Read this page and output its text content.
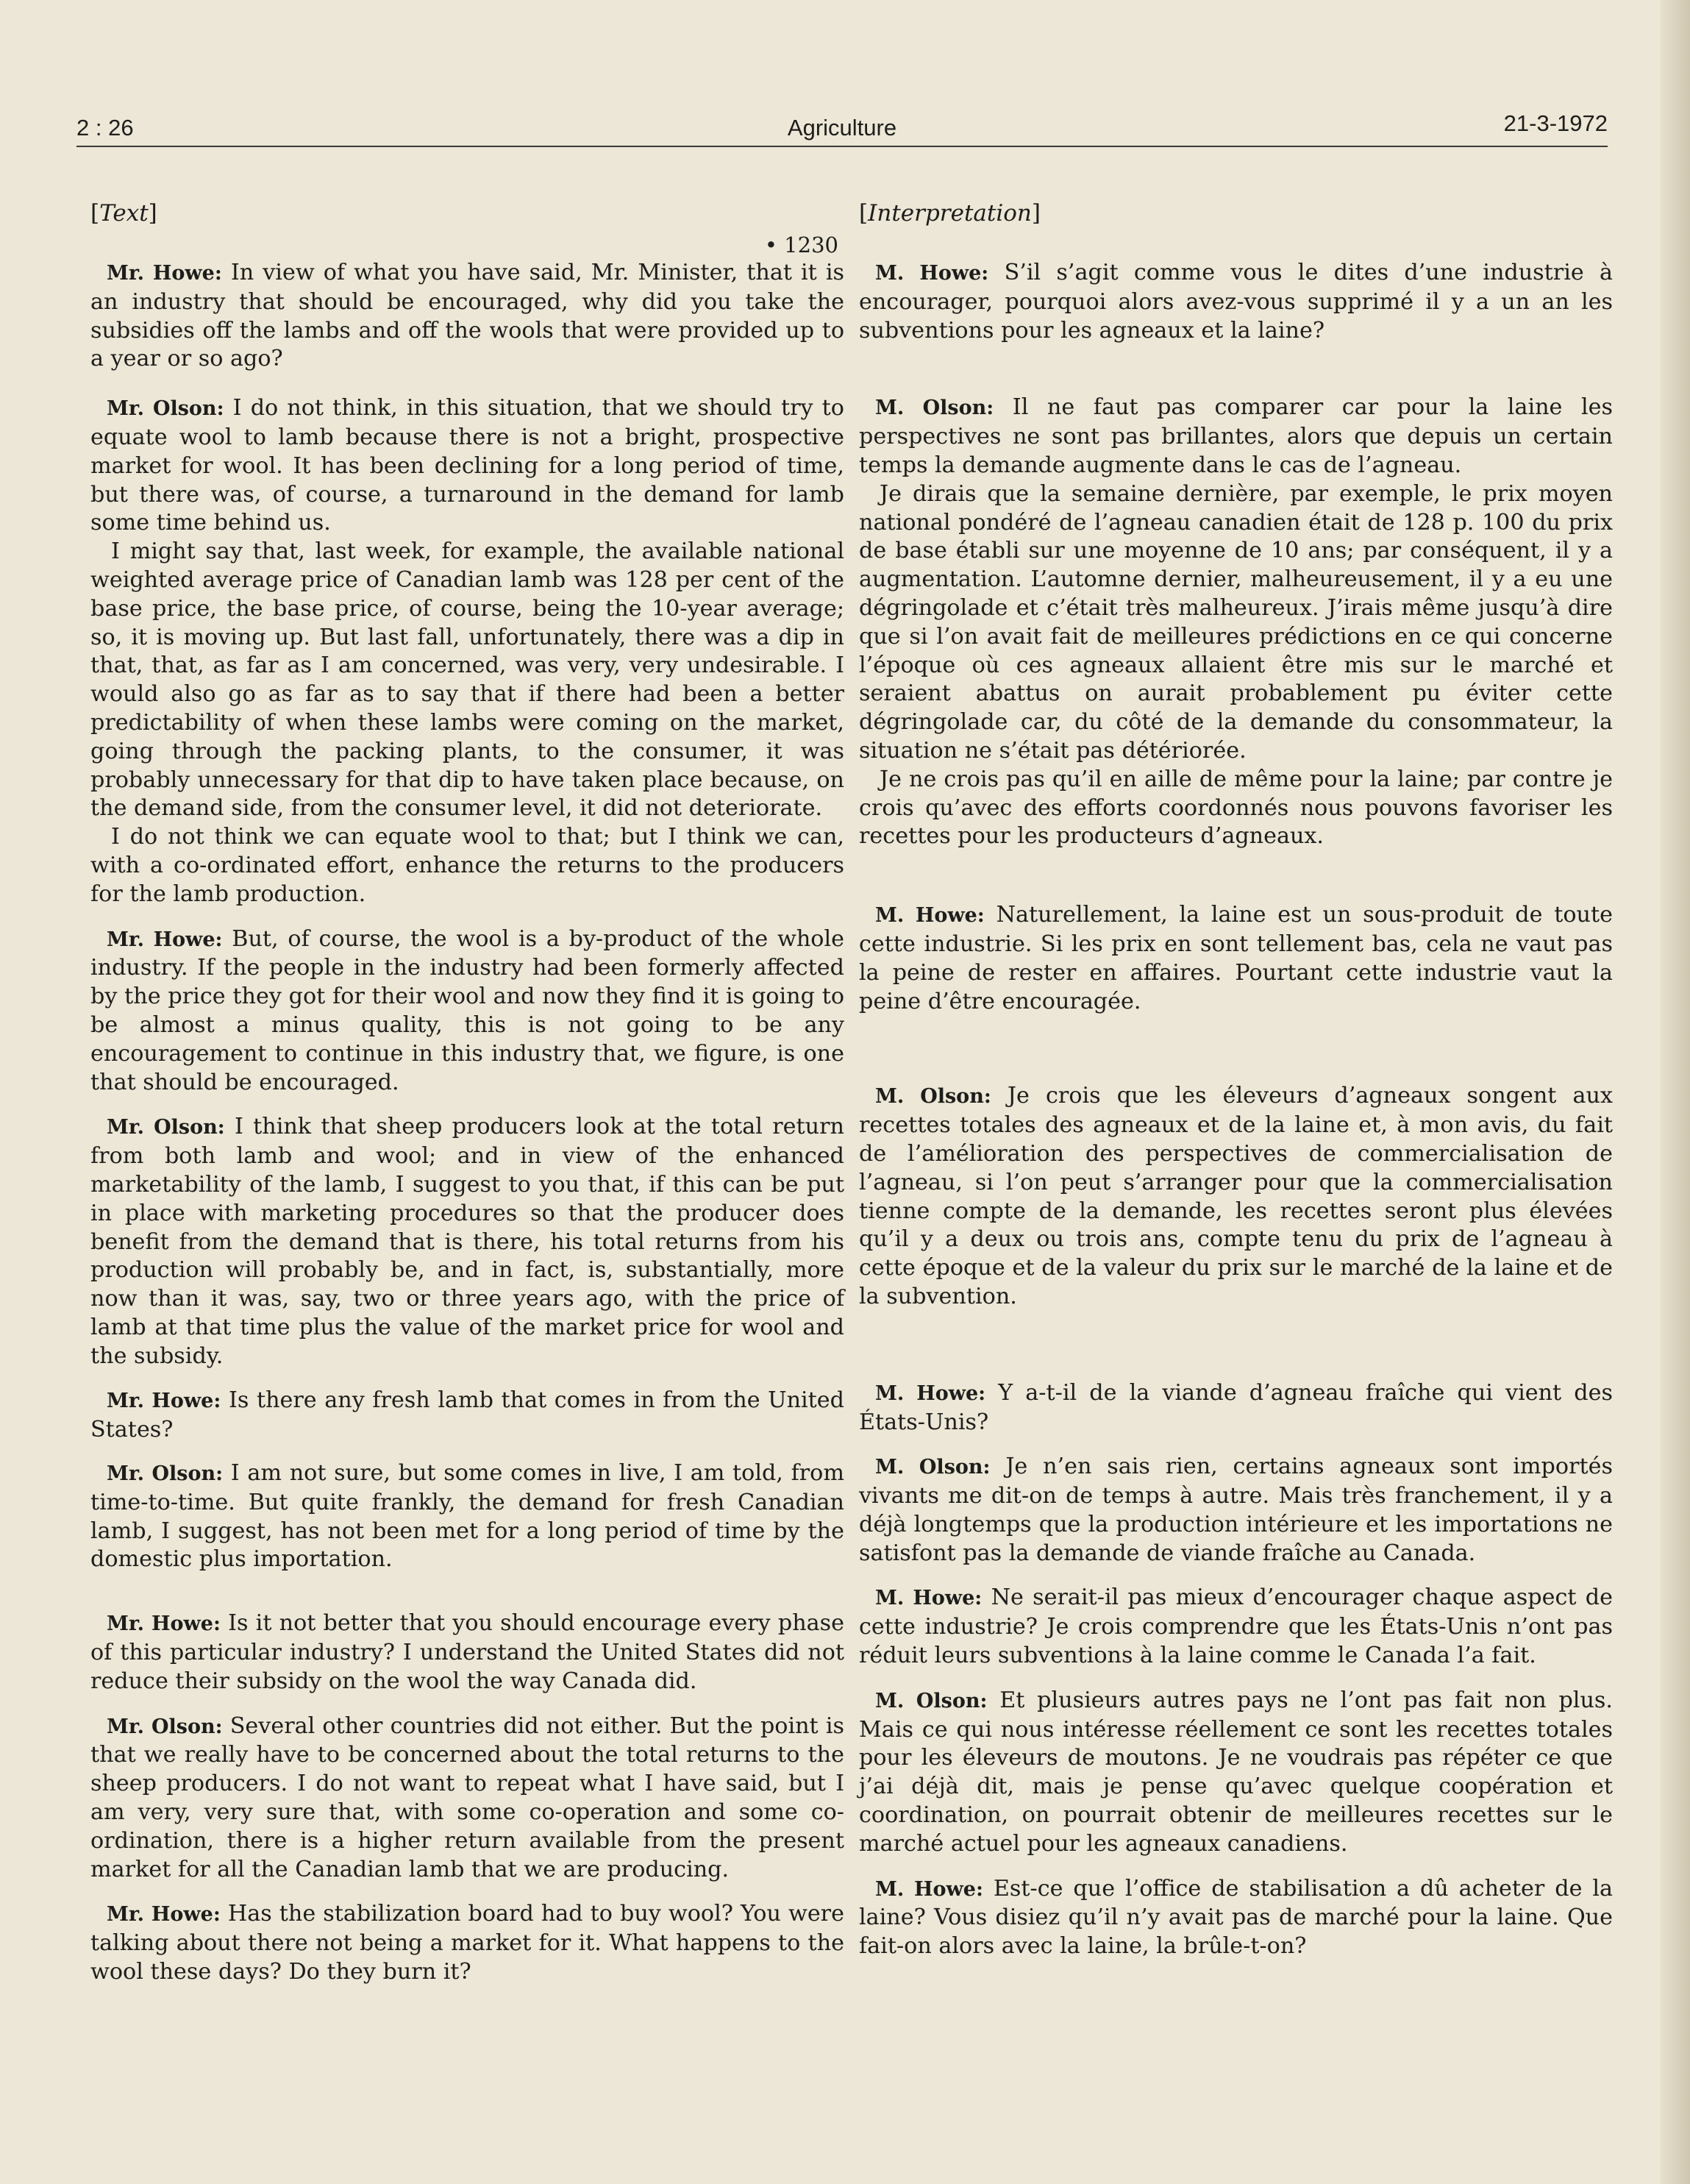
2 : 26	Agriculture	21-3-1972
[Text]
• 1230

Mr. Howe: In view of what you have said, Mr. Minister, that it is an industry that should be encouraged, why did you take the subsidies off the lambs and off the wools that were provided up to a year or so ago?

Mr. Olson: I do not think, in this situation, that we should try to equate wool to lamb because there is not a bright, prospective market for wool. It has been declining for a long period of time, but there was, of course, a turnaround in the demand for lamb some time behind us.

I might say that, last week, for example, the available national weighted average price of Canadian lamb was 128 per cent of the base price, the base price, of course, being the 10-year average; so, it is moving up. But last fall, unfortunately, there was a dip in that, that, as far as I am concerned, was very, very undesirable. I would also go as far as to say that if there had been a better predictability of when these lambs were coming on the market, going through the packing plants, to the consumer, it was probably unnecessary for that dip to have taken place because, on the demand side, from the consumer level, it did not deteriorate.

I do not think we can equate wool to that; but I think we can, with a co-ordinated effort, enhance the returns to the producers for the lamb production.

Mr. Howe: But, of course, the wool is a by-product of the whole industry. If the people in the industry had been formerly affected by the price they got for their wool and now they find it is going to be almost a minus quality, this is not going to be any encouragement to continue in this industry that, we figure, is one that should be encouraged.

Mr. Olson: I think that sheep producers look at the total return from both lamb and wool; and in view of the enhanced marketability of the lamb, I suggest to you that, if this can be put in place with marketing procedures so that the producer does benefit from the demand that is there, his total returns from his production will probably be, and in fact, is, substantially, more now than it was, say, two or three years ago, with the price of lamb at that time plus the value of the market price for wool and the subsidy.

Mr. Howe: Is there any fresh lamb that comes in from the United States?

Mr. Olson: I am not sure, but some comes in live, I am told, from time-to-time. But quite frankly, the demand for fresh Canadian lamb, I suggest, has not been met for a long period of time by the domestic plus importation.

Mr. Howe: Is it not better that you should encourage every phase of this particular industry? I understand the United States did not reduce their subsidy on the wool the way Canada did.

Mr. Olson: Several other countries did not either. But the point is that we really have to be concerned about the total returns to the sheep producers. I do not want to repeat what I have said, but I am very, very sure that, with some co-operation and some co-ordination, there is a higher return available from the present market for all the Canadian lamb that we are producing.

Mr. Howe: Has the stabilization board had to buy wool? You were talking about there not being a market for it. What happens to the wool these days? Do they burn it?

[Interpretation]

M. Howe: S’il s’agit comme vous le dites d’une industrie à encourager, pourquoi alors avez-vous supprimé il y a un an les subventions pour les agneaux et la laine?

M. Olson: Il ne faut pas comparer car pour la laine les perspectives ne sont pas brillantes, alors que depuis un certain temps la demande augmente dans le cas de l’agneau.

Je dirais que la semaine dernière, par exemple, le prix moyen national pondéré de l’agneau canadien était de 128 p. 100 du prix de base établi sur une moyenne de 10 ans; par conséquent, il y a augmentation. L’automne dernier, malheureusement, il y a eu une dégringolade et c’était très malheureux. J’irais même jusqu’à dire que si l’on avait fait de meilleures prédictions en ce qui concerne l’époque où ces agneaux allaient être mis sur le marché et seraient abattus on aurait probablement pu éviter cette dégringolade car, du côté de la demande du consommateur, la situation ne s’était pas détériorée.

Je ne crois pas qu’il en aille de même pour la laine; par contre je crois qu’avec des efforts coordonnés nous pouvons favoriser les recettes pour les producteurs d’agneaux.

M. Howe: Naturellement, la laine est un sous-produit de toute cette industrie. Si les prix en sont tellement bas, cela ne vaut pas la peine de rester en affaires. Pourtant cette industrie vaut la peine d’être encouragée.

M. Olson: Je crois que les éleveurs d’agneaux songent aux recettes totales des agneaux et de la laine et, à mon avis, du fait de l’amélioration des perspectives de commercialisation de l’agneau, si l’on peut s’arranger pour que la commercialisation tienne compte de la demande, les recettes seront plus élevées qu’il y a deux ou trois ans, compte tenu du prix de l’agneau à cette époque et de la valeur du prix sur le marché de la laine et de la subvention.

M. Howe: Y a-t-il de la viande d’agneau fraîche qui vient des États-Unis?

M. Olson: Je n’en sais rien, certains agneaux sont importés vivants me dit-on de temps à autre. Mais très franchement, il y a déjà longtemps que la production intérieure et les importations ne satisfont pas la demande de viande fraîche au Canada.

M. Howe: Ne serait-il pas mieux d’encourager chaque aspect de cette industrie? Je crois comprendre que les États-Unis n’ont pas réduit leurs subventions à la laine comme le Canada l’a fait.

M. Olson: Et plusieurs autres pays ne l’ont pas fait non plus. Mais ce qui nous intéresse réellement ce sont les recettes totales pour les éleveurs de moutons. Je ne voudrais pas répéter ce que j’ai déjà dit, mais je pense qu’avec quelque coopération et coordination, on pourrait obtenir de meilleures recettes sur le marché actuel pour les agneaux canadiens.

M. Howe: Est-ce que l’office de stabilisation a dû acheter de la laine? Vous disiez qu’il n’y avait pas de marché pour la laine. Que fait-on alors avec la laine, la brûle-t-on?
